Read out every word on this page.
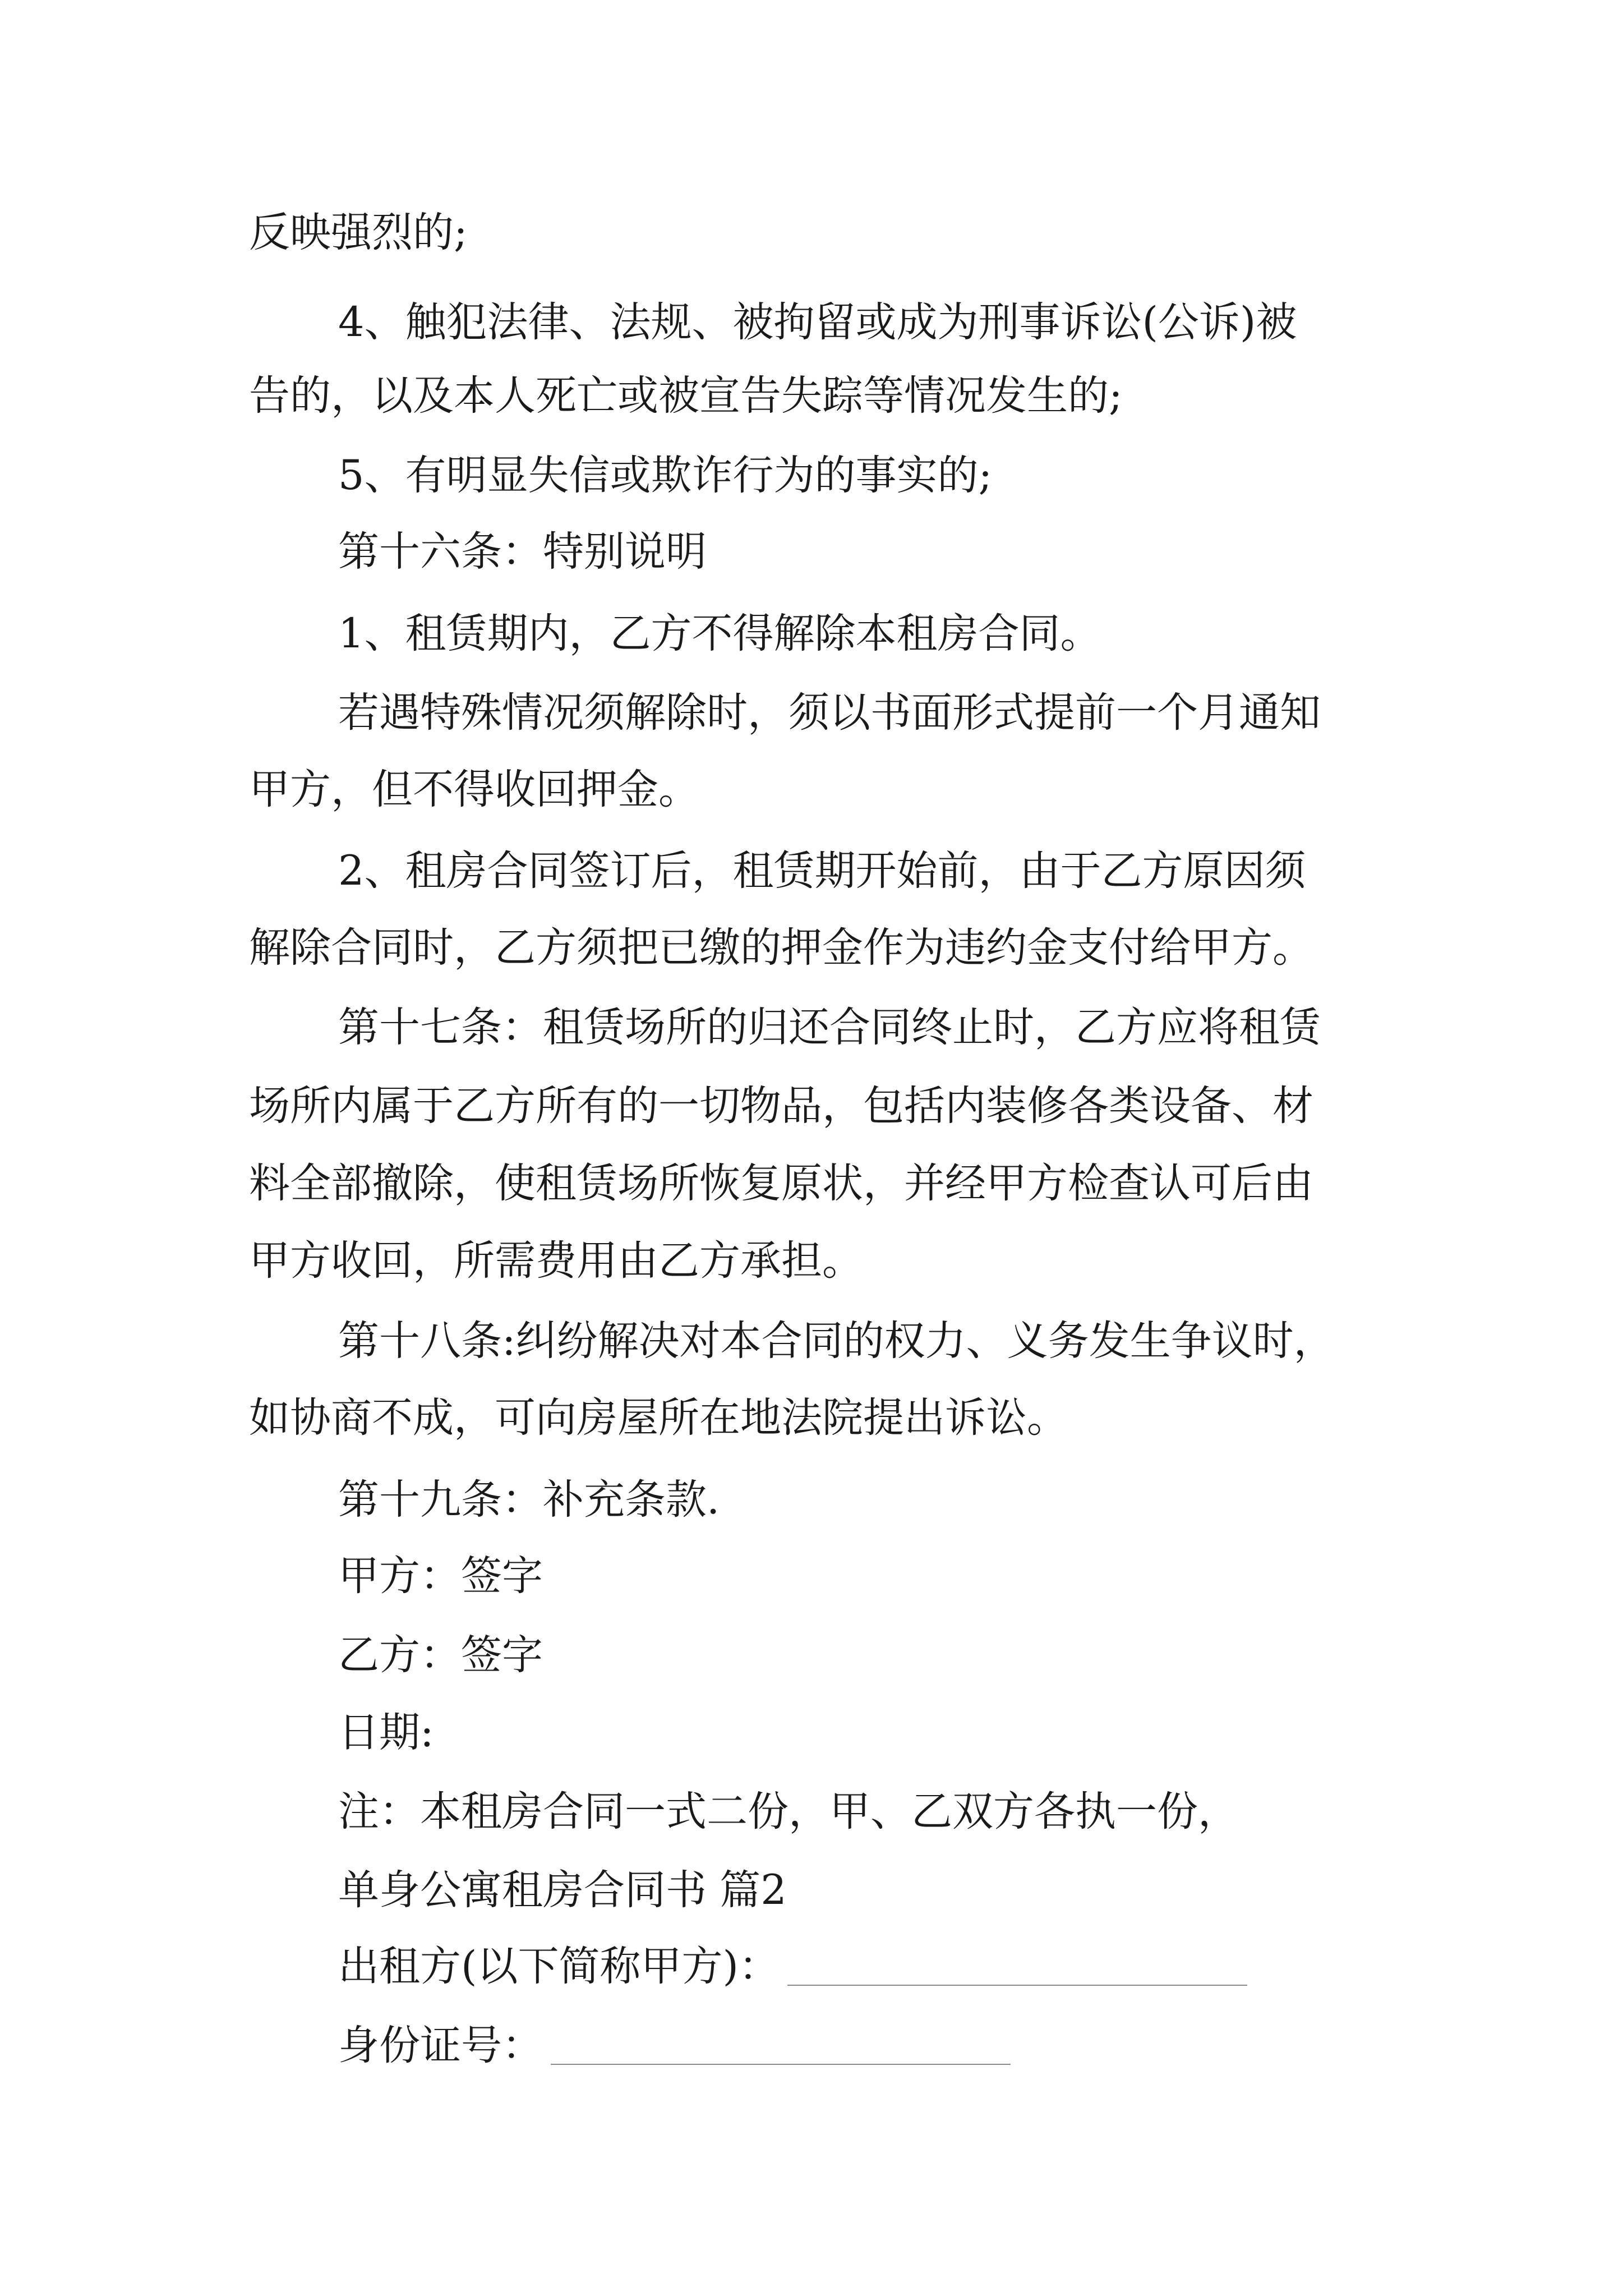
反映强烈的;
4、触犯法律、法规、被拘留或成为刑事诉讼(公诉)被
告的，以及本人死亡或被宣告失踪等情况发生的;
5、有明显失信或欺诈行为的事实的;
第十六条：特别说明
1、租赁期内，乙方不得解除本租房合同。
若遇特殊情况须解除时，须以书面形式提前一个月通知
甲方，但不得收回押金。
2、租房合同签订后，租赁期开始前，由于乙方原因须
解除合同时，乙方须把已缴的押金作为违约金支付给甲方。
第十七条：租赁场所的归还合同终止时，乙方应将租赁
场所内属于乙方所有的一切物品，包括内装修各类设备、材
料全部撤除，使租赁场所恢复原状，并经甲方检查认可后由
甲方收回，所需费用由乙方承担。
第十八条:纠纷解决对本合同的权力、义务发生争议时，
如协商不成，可向房屋所在地法院提出诉讼。
第十九条：补充条款.
甲方：签字
乙方：签字
日期:
注：本租房合同一式二份，甲、乙双方各执一份，
单身公寓租房合同书 篇2
出租方(以下简称甲方)：
身份证号：
